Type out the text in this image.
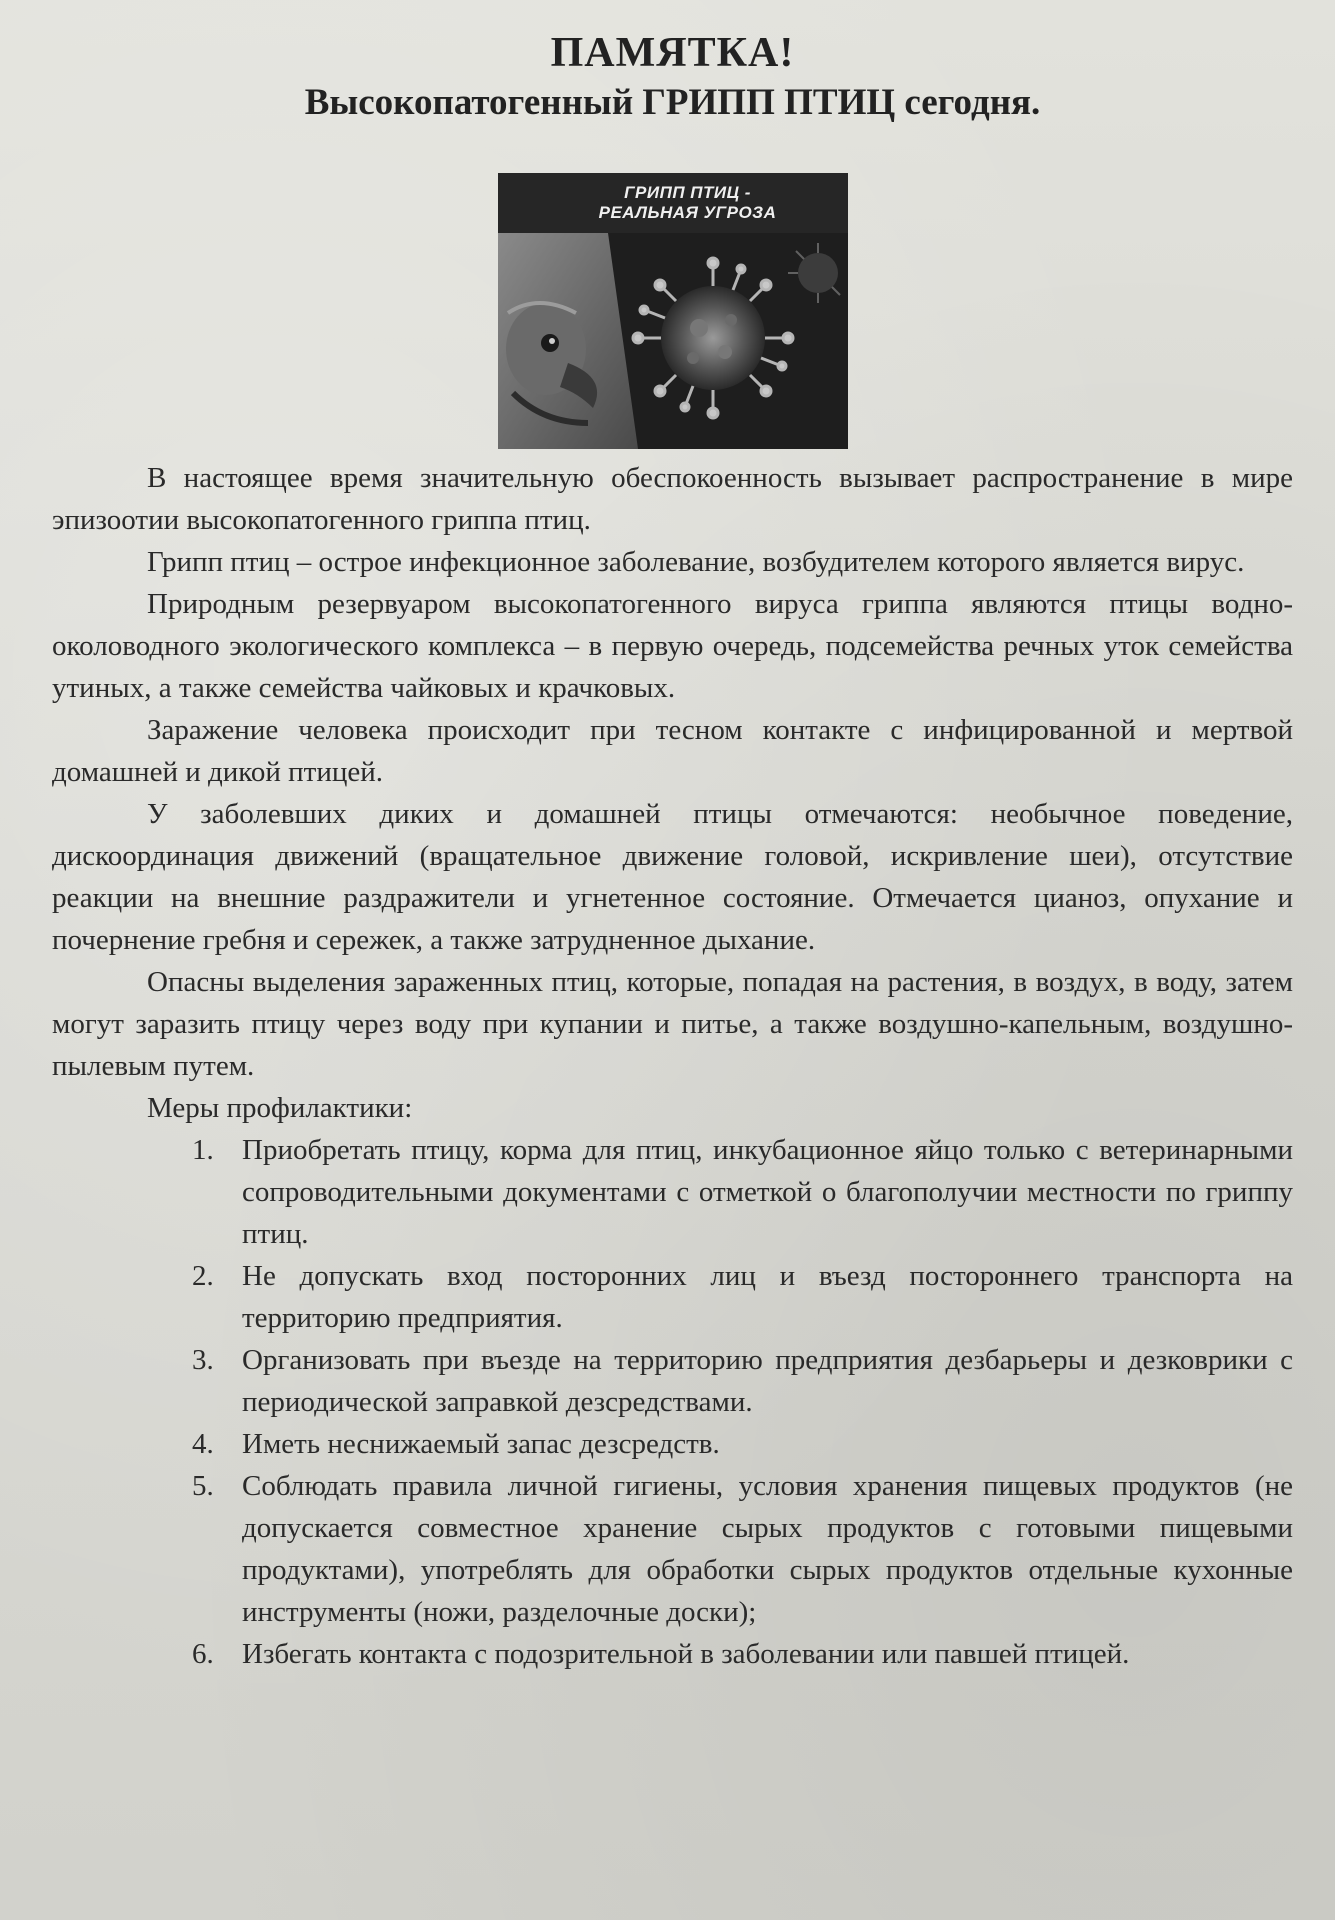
ПАМЯТКА!
Высокопатогенный ГРИПП ПТИЦ сегодня.
ГРИПП ПТИЦ -
РЕАЛЬНАЯ УГРОЗА

В настоящее время значительную обеспокоенность вызывает распространение в мире эпизоотии высокопатогенного гриппа птиц.

Грипп птиц – острое инфекционное заболевание, возбудителем которого является вирус.

Природным резервуаром высокопатогенного вируса гриппа являются птицы водно-околоводного экологического комплекса – в первую очередь, подсемейства речных уток семейства утиных, а также семейства чайковых и крачковых.

Заражение человека происходит при тесном контакте с инфицированной и мертвой домашней и дикой птицей.

У заболевших диких и домашней птицы отмечаются: необычное поведение, дискоординация движений (вращательное движение головой, искривление шеи), отсутствие реакции на внешние раздражители и угнетенное состояние. Отмечается цианоз, опухание и почернение гребня и сережек, а также затрудненное дыхание.

Опасны выделения зараженных птиц, которые, попадая на растения, в воздух, в воду, затем могут заразить птицу через воду при купании и питье, а также воздушно-капельным, воздушно-пылевым путем.

Меры профилактики:

1. Приобретать птицу, корма для птиц, инкубационное яйцо только с ветеринарными сопроводительными документами с отметкой о благополучии местности по гриппу птиц.
2. Не допускать вход посторонних лиц и въезд постороннего транспорта на территорию предприятия.
3. Организовать при въезде на территорию предприятия дезбарьеры и дезковрики с периодической заправкой дезсредствами.
4. Иметь неснижаемый запас дезсредств.
5. Соблюдать правила личной гигиены, условия хранения пищевых продуктов (не допускается совместное хранение сырых продуктов с готовыми пищевыми продуктами), употреблять для обработки сырых продуктов отдельные кухонные инструменты (ножи, разделочные доски);
6. Избегать контакта с подозрительной в заболевании или павшей птицей.
